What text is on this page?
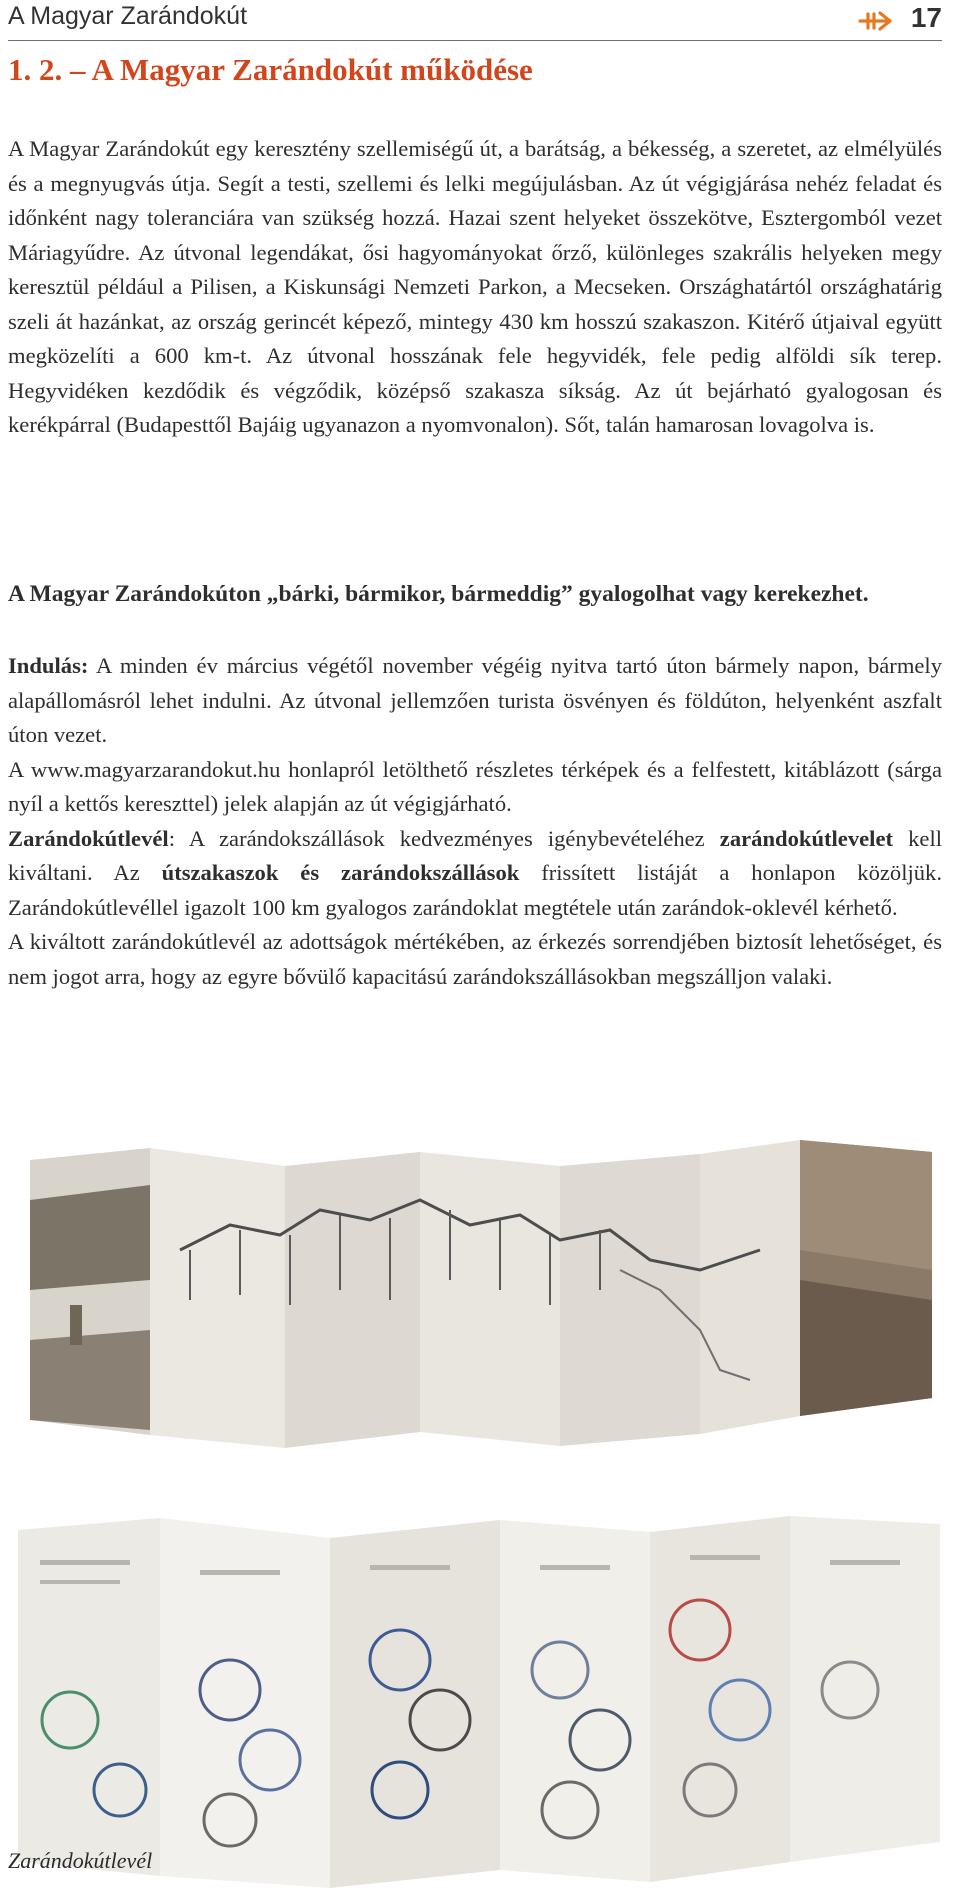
A Magyar Zarándokút	17
1. 2. – A Magyar Zarándokút működése

A Magyar Zarándokút egy keresztény szellemiségű út, a barátság, a békesség, a szeretet, az elmélyülés és a megnyugvás útja. Segít a testi, szellemi és lelki megújulásban. Az út végigjárása nehéz feladat és időnként nagy toleranciára van szükség hozzá. Hazai szent helyeket összekötve, Esztergomból vezet Máriagyűdre. Az útvonal legendákat, ősi hagyományokat őrző, különleges szakrális helyeken megy keresztül például a Pilisen, a Kiskunsági Nemzeti Parkon, a Mecseken. Országhatártól országhatárig szeli át hazánkat, az ország gerincét képező, mintegy 430 km hosszú szakaszon. Kitérő útjaival együtt megközelíti a 600 km-t. Az útvonal hosszának fele hegyvidék, fele pedig alföldi sík terep. Hegyvidéken kezdődik és végződik, középső szakasza síkság. Az út bejárható gyalogosan és kerékpárral (Budapesttől Bajáig ugyanazon a nyomvonalon). Sőt, talán hamarosan lovagolva is.

A Magyar Zarándokúton „bárki, bármikor, bármeddig” gyalogolhat vagy kerekezhet.

Indulás: A minden év március végétől november végéig nyitva tartó úton bármely napon, bármely alapállomásról lehet indulni. Az útvonal jellemzően turista ösvényen és földúton, helyenként aszfalt úton vezet.

A www.magyarzarandokut.hu honlapról letölthető részletes térképek és a felfestett, kitáblázott (sárga nyíl a kettős kereszttel) jelek alapján az út végigjárható.

Zarándokútlevél: A zarándokszállások kedvezményes igénybevételéhez zarándokútlevelet kell kiváltani. Az útszakaszok és zarándokszállások frissített listáját a honlapon közöljük. Zarándokútlevéllel igazolt 100 km gyalogos zarándoklat megtétele után zarándok-oklevél kérhető.

A kiváltott zarándokútlevél az adottságok mértékében, az érkezés sorrendjében biztosít lehetőséget, és nem jogot arra, hogy az egyre bővülő kapacitású zarándokszállásokban megszálljon valaki.

Zarándokútlevél
